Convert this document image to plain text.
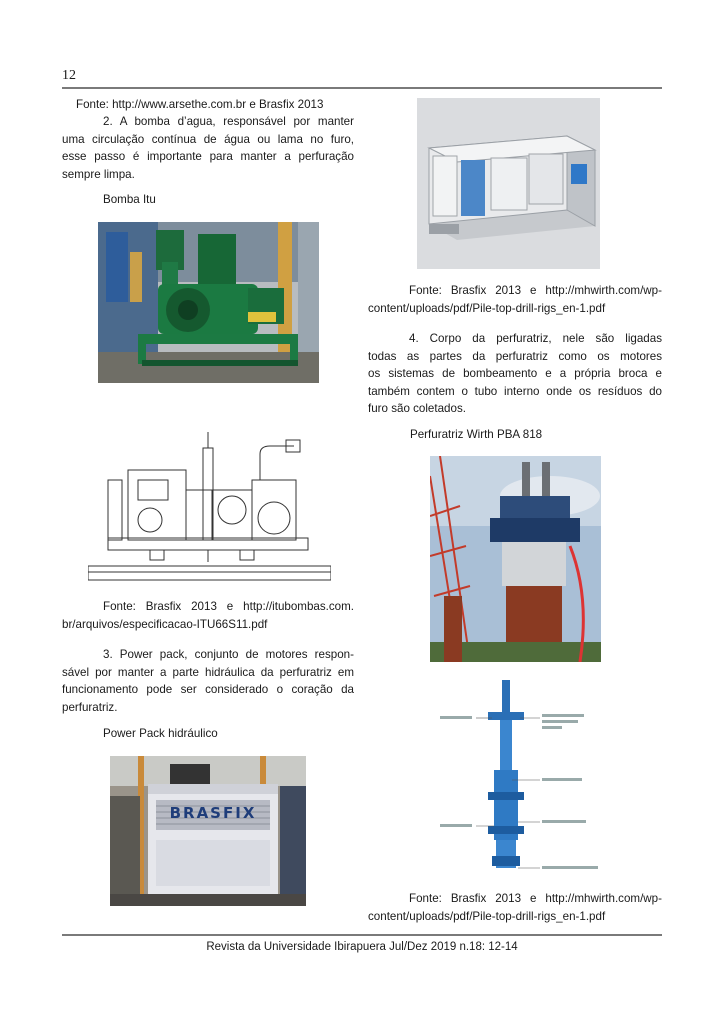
12
Fonte: http://www.arsethe.com.br e Brasfix 2013
2. A bomba d’agua, responsável por manter
uma circulação contínua de água ou lama no furo,
esse passo é importante para manter a perfuração
sempre limpa.
Bomba Itu
Fonte: Brasfix 2013 e http://itubombas.com.
br/arquivos/especificacao-ITU66S11.pdf
3. Power pack, conjunto de motores respon-
sável por manter a parte hidráulica da perfuratriz em
funcionamento pode ser considerado o coração da
perfuratriz.
Power Pack hidráulico
BRASFIX
Fonte: Brasfix 2013 e http://mhwirth.com/wp-
content/uploads/pdf/Pile-top-drill-rigs_en-1.pdf
4. Corpo da perfuratriz, nele são ligadas
todas as partes da perfuratriz como os motores
os sistemas de bombeamento e a própria broca e
também contem o tubo interno onde os resíduos do
furo são coletados.
Perfuratriz Wirth PBA 818
Fonte: Brasfix 2013 e http://mhwirth.com/wp-
content/uploads/pdf/Pile-top-drill-rigs_en-1.pdf
Revista da Universidade Ibirapuera Jul/Dez 2019 n.18: 12-14
